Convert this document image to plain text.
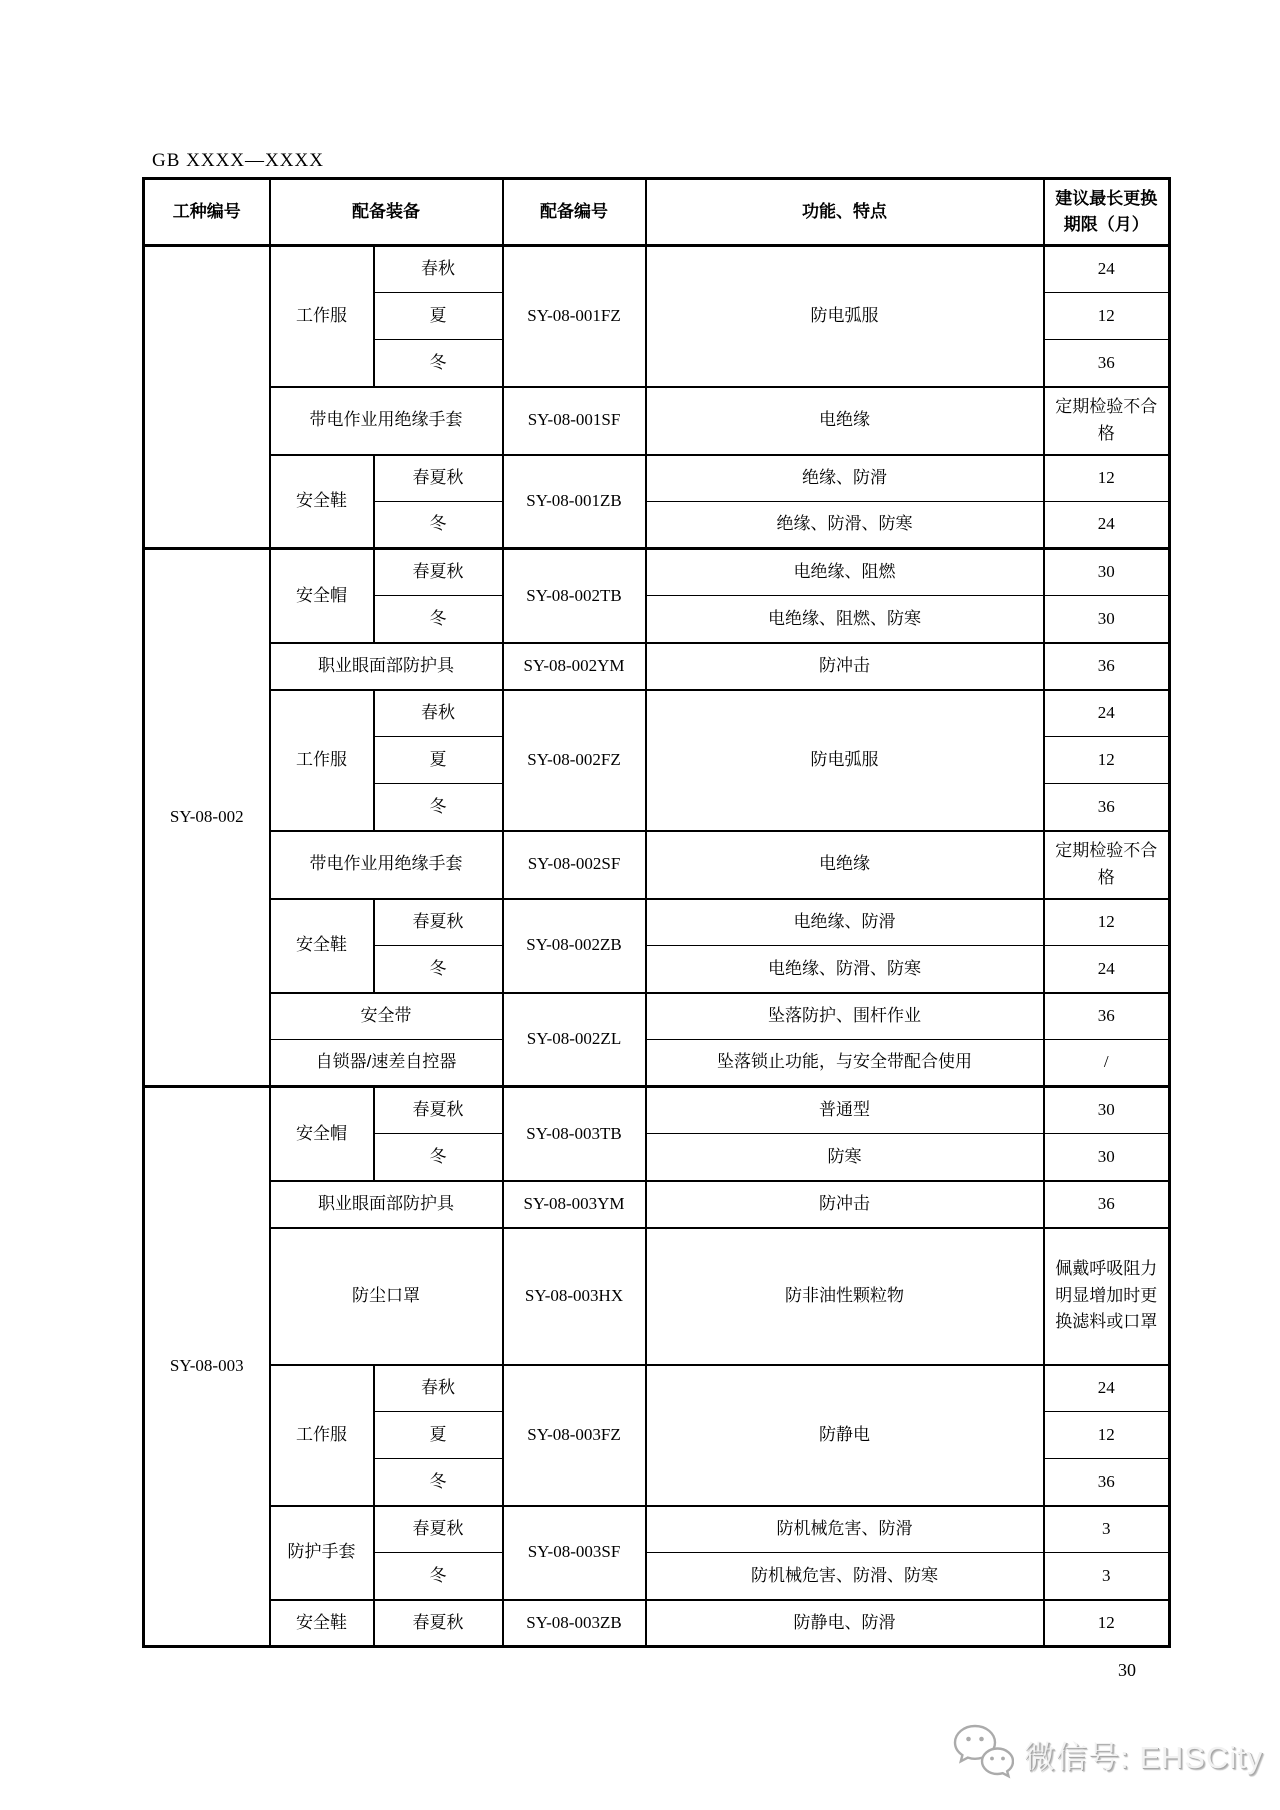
GB XXXX—XXXX
工种编号	配备装备		配备编号	功能、特点	建议最长更换期限（月）
	工作服	春秋	SY-08-001FZ	防电弧服	24
		夏			12
		冬			36
	带电作业用绝缘手套		SY-08-001SF	电绝缘	定期检验不合格
	安全鞋	春夏秋	SY-08-001ZB	绝缘、防滑	12
		冬		绝缘、防滑、防寒	24
SY-08-002	安全帽	春夏秋	SY-08-002TB	电绝缘、阻燃	30
		冬		电绝缘、阻燃、防寒	30
	职业眼面部防护具		SY-08-002YM	防冲击	36
	工作服	春秋	SY-08-002FZ	防电弧服	24
		夏			12
		冬			36
	带电作业用绝缘手套		SY-08-002SF	电绝缘	定期检验不合格
	安全鞋	春夏秋	SY-08-002ZB	电绝缘、防滑	12
		冬		电绝缘、防滑、防寒	24
	安全带		SY-08-002ZL	坠落防护、围杆作业	36
	自锁器/速差自控器			坠落锁止功能，与安全带配合使用	/
SY-08-003	安全帽	春夏秋	SY-08-003TB	普通型	30
		冬		防寒	30
	职业眼面部防护具		SY-08-003YM	防冲击	36
	防尘口罩		SY-08-003HX	防非油性颗粒物	佩戴呼吸阻力明显增加时更换滤料或口罩
	工作服	春秋	SY-08-003FZ	防静电	24
		夏			12
		冬			36
	防护手套	春夏秋	SY-08-003SF	防机械危害、防滑	3
		冬		防机械危害、防滑、防寒	3
	安全鞋	春夏秋	SY-08-003ZB	防静电、防滑	12
30
微信号: EHSCity
